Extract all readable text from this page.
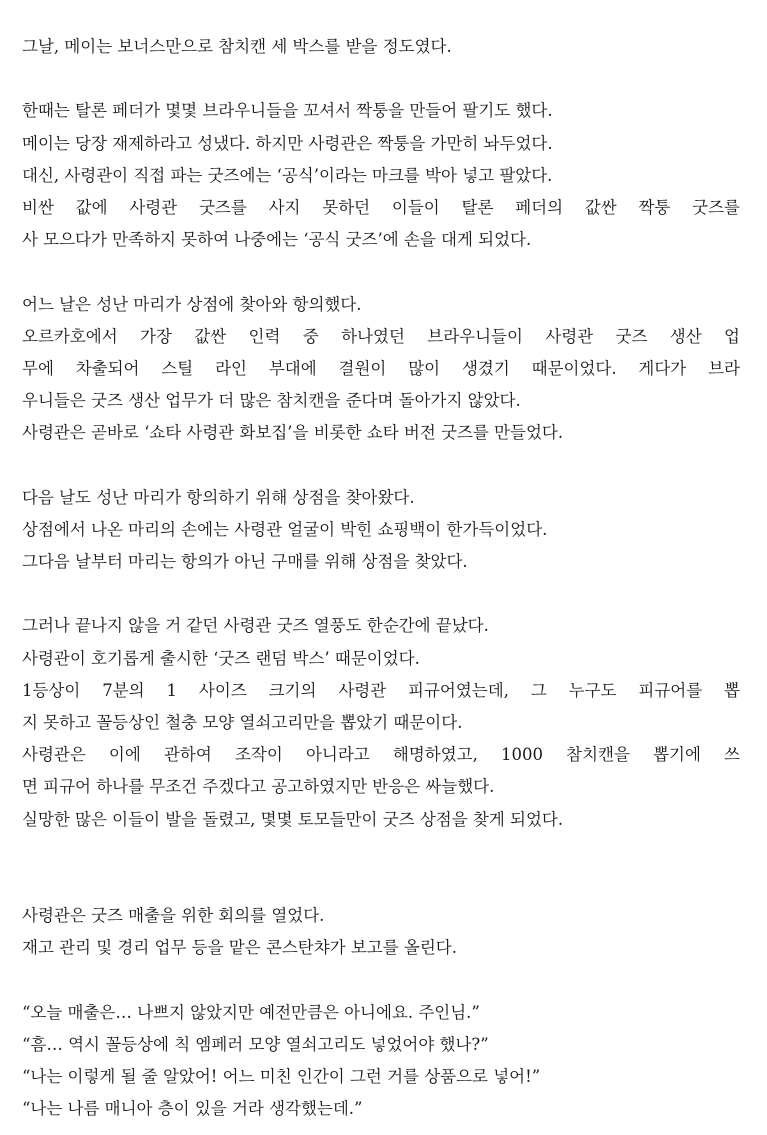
그날, 메이는 보너스만으로 참치캔 세 박스를 받을 정도였다.
한때는 탈론 페더가 몇몇 브라우니들을 꼬셔서 짝퉁을 만들어 팔기도 했다.
메이는 당장 재제하라고 성냈다. 하지만 사령관은 짝퉁을 가만히 놔두었다.
대신, 사령관이 직접 파는 굿즈에는 ‘공식’이라는 마크를 박아 넣고 팔았다.
비싼 값에 사령관 굿즈를 사지 못하던 이들이 탈론 페더의 값싼 짝퉁 굿즈를
사 모으다가 만족하지 못하여 나중에는 ‘공식 굿즈’에 손을 대게 되었다.
어느 날은 성난 마리가 상점에 찾아와 항의했다.
오르카호에서 가장 값싼 인력 중 하나였던 브라우니들이 사령관 굿즈 생산 업
무에 차출되어 스틸 라인 부대에 결원이 많이 생겼기 때문이었다. 게다가 브라
우니들은 굿즈 생산 업무가 더 많은 참치캔을 준다며 돌아가지 않았다.
사령관은 곧바로 ‘쇼타 사령관 화보집’을 비롯한 쇼타 버전 굿즈를 만들었다.
다음 날도 성난 마리가 항의하기 위해 상점을 찾아왔다.
상점에서 나온 마리의 손에는 사령관 얼굴이 박힌 쇼핑백이 한가득이었다.
그다음 날부터 마리는 항의가 아닌 구매를 위해 상점을 찾았다.
그러나 끝나지 않을 거 같던 사령관 굿즈 열풍도 한순간에 끝났다.
사령관이 호기롭게 출시한 ‘굿즈 랜덤 박스’ 때문이었다.
1등상이 7분의 1 사이즈 크기의 사령관 피규어였는데, 그 누구도 피규어를 뽑
지 못하고 꼴등상인 철충 모양 열쇠고리만을 뽑았기 때문이다.
사령관은 이에 관하여 조작이 아니라고 해명하였고, 1000 참치캔을 뽑기에 쓰
면 피규어 하나를 무조건 주겠다고 공고하였지만 반응은 싸늘했다.
실망한 많은 이들이 발을 돌렸고, 몇몇 토모들만이 굿즈 상점을 찾게 되었다.
사령관은 굿즈 매출을 위한 회의를 열었다.
재고 관리 및 경리 업무 등을 맡은 콘스탄챠가 보고를 올린다.
“오늘 매출은… 나쁘지 않았지만 예전만큼은 아니에요. 주인님.”
“흠… 역시 꼴등상에 칙 엠페러 모양 열쇠고리도 넣었어야 했나?”
“나는 이렇게 될 줄 알았어! 어느 미친 인간이 그런 거를 상품으로 넣어!”
“나는 나름 매니아 층이 있을 거라 생각했는데.”
